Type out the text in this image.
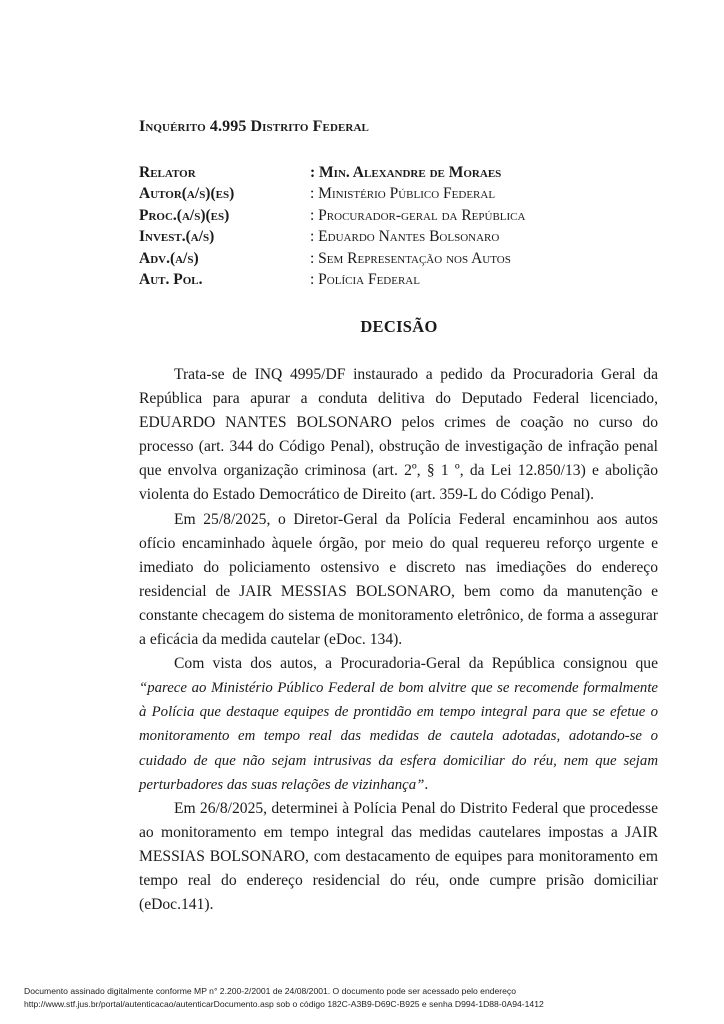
Inquérito 4.995 Distrito Federal
Relator	: Min. Alexandre de Moraes
Autor(a/s)(es)	: Ministério Público Federal
Proc.(a/s)(es)	: Procurador-geral da República
Invest.(a/s)	: Eduardo Nantes Bolsonaro
Adv.(a/s)	: Sem Representação nos Autos
Aut. Pol.	: Polícia Federal
DECISÃO

Trata-se de INQ 4995/DF instaurado a pedido da Procuradoria Geral da República para apurar a conduta delitiva do Deputado Federal licenciado, EDUARDO NANTES BOLSONARO pelos crimes de coação no curso do processo (art. 344 do Código Penal), obstrução de investigação de infração penal que envolva organização criminosa (art. 2º, § 1 º, da Lei 12.850/13) e abolição violenta do Estado Democrático de Direito (art. 359-L do Código Penal).

Em 25/8/2025, o Diretor-Geral da Polícia Federal encaminhou aos autos ofício encaminhado àquele órgão, por meio do qual requereu reforço urgente e imediato do policiamento ostensivo e discreto nas imediações do endereço residencial de JAIR MESSIAS BOLSONARO, bem como da manutenção e constante checagem do sistema de monitoramento eletrônico, de forma a assegurar a eficácia da medida cautelar (eDoc. 134).

Com vista dos autos, a Procuradoria-Geral da República consignou que “parece ao Ministério Público Federal de bom alvitre que se recomende formalmente à Polícia que destaque equipes de prontidão em tempo integral para que se efetue o monitoramento em tempo real das medidas de cautela adotadas, adotando-se o cuidado de que não sejam intrusivas da esfera domiciliar do réu, nem que sejam perturbadores das suas relações de vizinhança”.

Em 26/8/2025, determinei à Polícia Penal do Distrito Federal que procedesse ao monitoramento em tempo integral das medidas cautelares impostas a JAIR MESSIAS BOLSONARO, com destacamento de equipes para monitoramento em tempo real do endereço residencial do réu, onde cumpre prisão domiciliar (eDoc.141).

Documento assinado digitalmente conforme MP n° 2.200-2/2001 de 24/08/2001. O documento pode ser acessado pelo endereço
http://www.stf.jus.br/portal/autenticacao/autenticarDocumento.asp sob o código 182C-A3B9-D69C-B925 e senha D994-1D88-0A94-1412
